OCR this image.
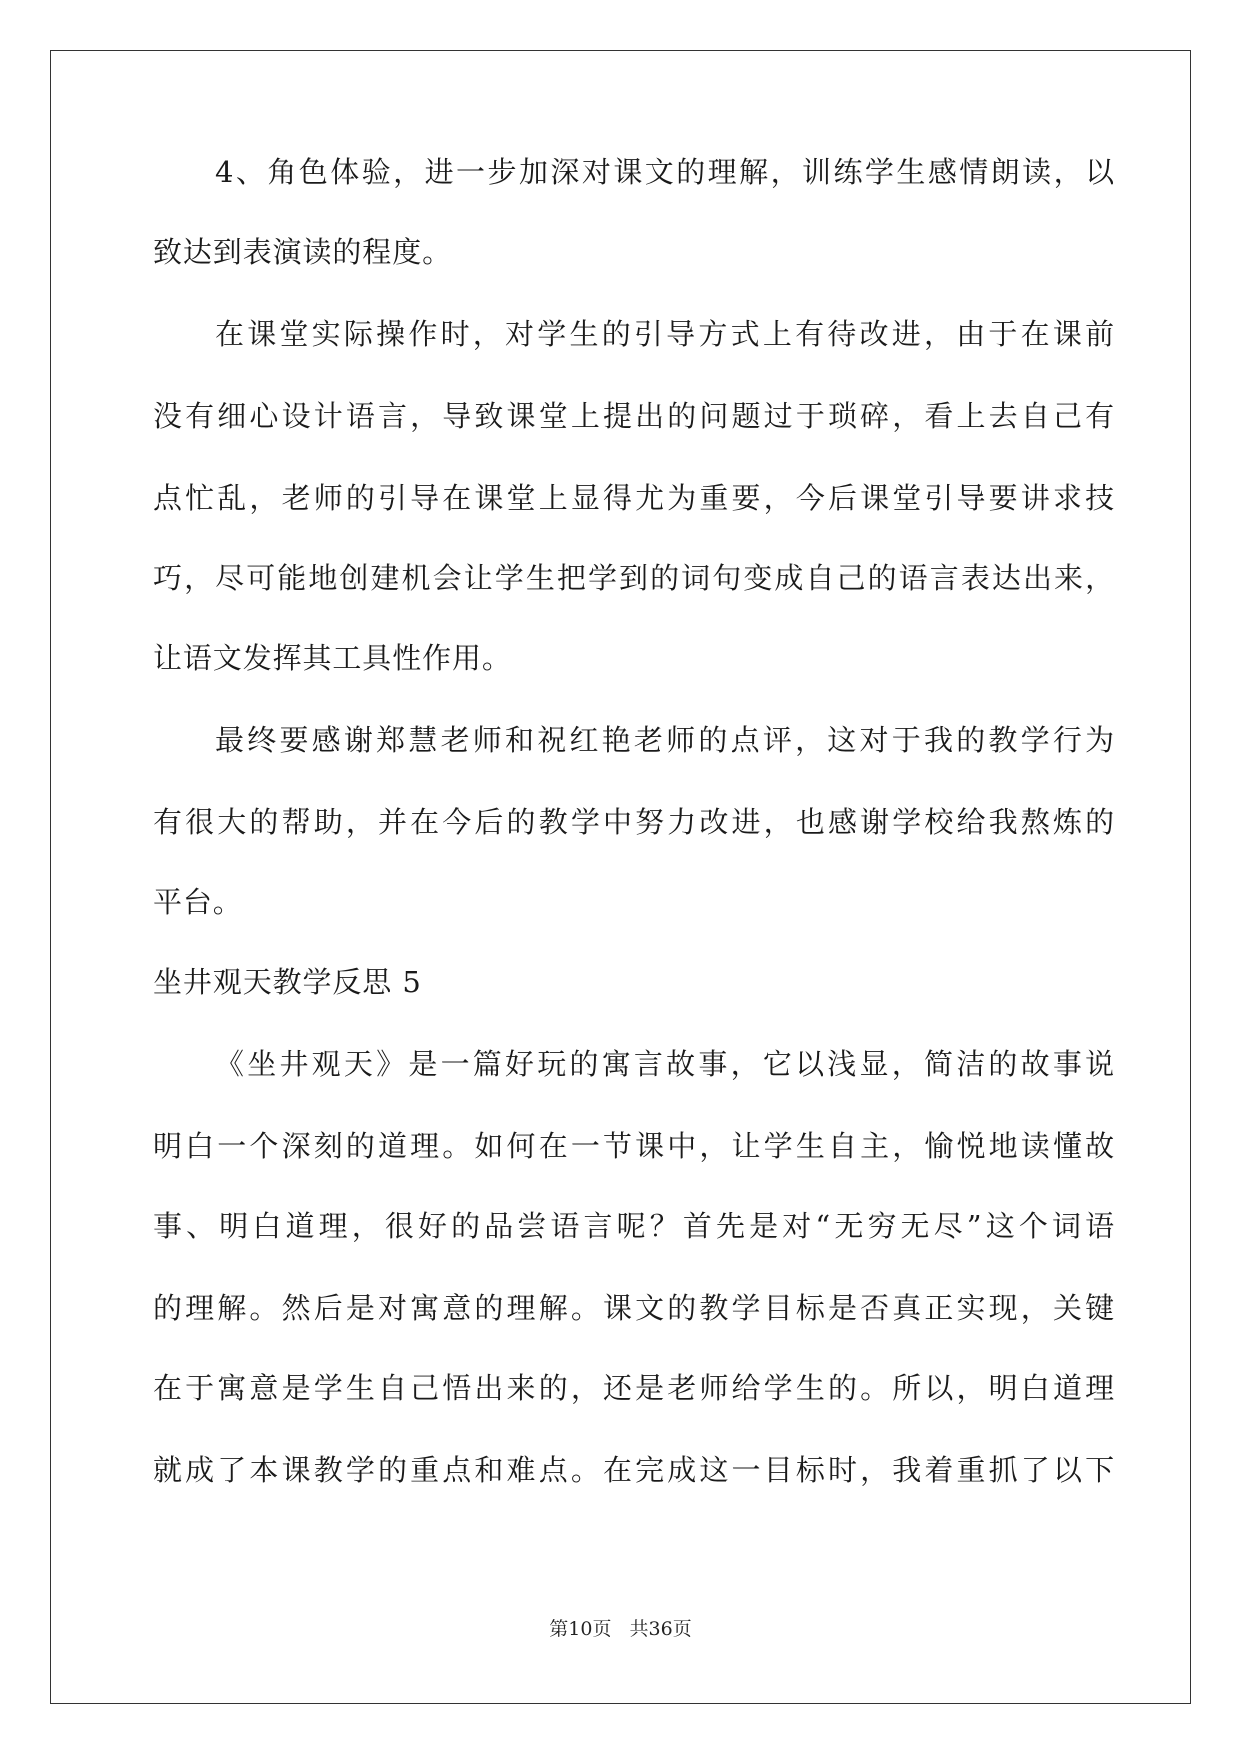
4、角色体验，进一步加深对课文的理解，训练学生感情朗读，以
致达到表演读的程度。
在课堂实际操作时，对学生的引导方式上有待改进，由于在课前
没有细心设计语言，导致课堂上提出的问题过于琐碎，看上去自己有
点忙乱，老师的引导在课堂上显得尤为重要，今后课堂引导要讲求技
巧，尽可能地创建机会让学生把学到的词句变成自己的语言表达出来，
让语文发挥其工具性作用。
最终要感谢郑慧老师和祝红艳老师的点评，这对于我的教学行为
有很大的帮助，并在今后的教学中努力改进，也感谢学校给我熬炼的
平台。
坐井观天教学反思 5
《坐井观天》是一篇好玩的寓言故事，它以浅显，简洁的故事说
明白一个深刻的道理。如何在一节课中，让学生自主，愉悦地读懂故
事、明白道理，很好的品尝语言呢？首先是对“无穷无尽”这个词语
的理解。然后是对寓意的理解。课文的教学目标是否真正实现，关键
在于寓意是学生自己悟出来的，还是老师给学生的。所以，明白道理
就成了本课教学的重点和难点。在完成这一目标时，我着重抓了以下
第10页 共36页
